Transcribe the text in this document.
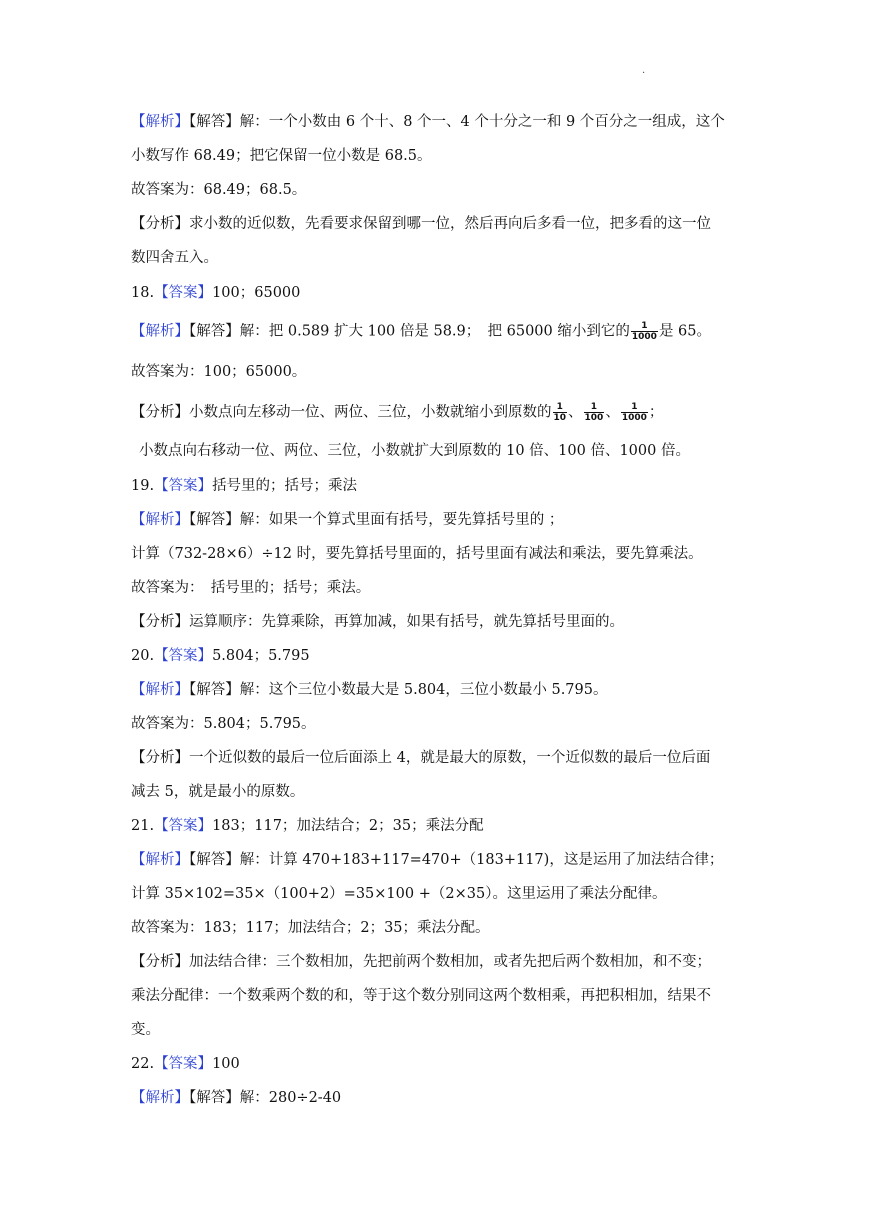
.
【解析】【解答】解：一个小数由 6 个十、8 个一、4 个十分之一和 9 个百分之一组成，这个
小数写作 68.49；把它保留一位小数是 68.5。
故答案为：68.49；68.5。
【分析】求小数的近似数，先看要求保留到哪一位，然后再向后多看一位，把多看的这一位
数四舍五入。
18.【答案】100；65000
【解析】【解答】解：把 0.589 扩大 100 倍是 58.9；　把 65000 缩小到它的 $\frac{1}{1000}$ 是 65。
故答案为：100；65000。
【分析】小数点向左移动一位、两位、三位，小数就缩小到原数的 $\frac{1}{10}$ 、 $\frac{1}{100}$ 、 $\frac{1}{1000}$ ；
小数点向右移动一位、两位、三位，小数就扩大到原数的 10 倍、100 倍、1000 倍。
19.【答案】括号里的；括号；乘法
【解析】【解答】解：如果一个算式里面有括号，要先算括号里的 ；
计算（732-28×6）÷12 时，要先算括号里面的，括号里面有减法和乘法，要先算乘法。
故答案为：　括号里的；括号；乘法。
【分析】运算顺序：先算乘除，再算加减，如果有括号，就先算括号里面的。
20.【答案】5.804；5.795
【解析】【解答】解：这个三位小数最大是 5.804，三位小数最小 5.795。
故答案为：5.804；5.795。
【分析】一个近似数的最后一位后面添上 4，就是最大的原数，一个近似数的最后一位后面
减去 5，就是最小的原数。
21.【答案】183；117；加法结合；2；35；乘法分配
【解析】【解答】解：计算 470+183+117=470+（183+117)，这是运用了加法结合律；
计算 35×102=35×（100+2）=35×100 +（2×35）。这里运用了乘法分配律。
故答案为：183；117；加法结合；2；35；乘法分配。
【分析】加法结合律：三个数相加，先把前两个数相加，或者先把后两个数相加，和不变；
乘法分配律：一个数乘两个数的和，等于这个数分别同这两个数相乘，再把积相加，结果不
变。
22.【答案】100
【解析】【解答】解：280÷2-40
